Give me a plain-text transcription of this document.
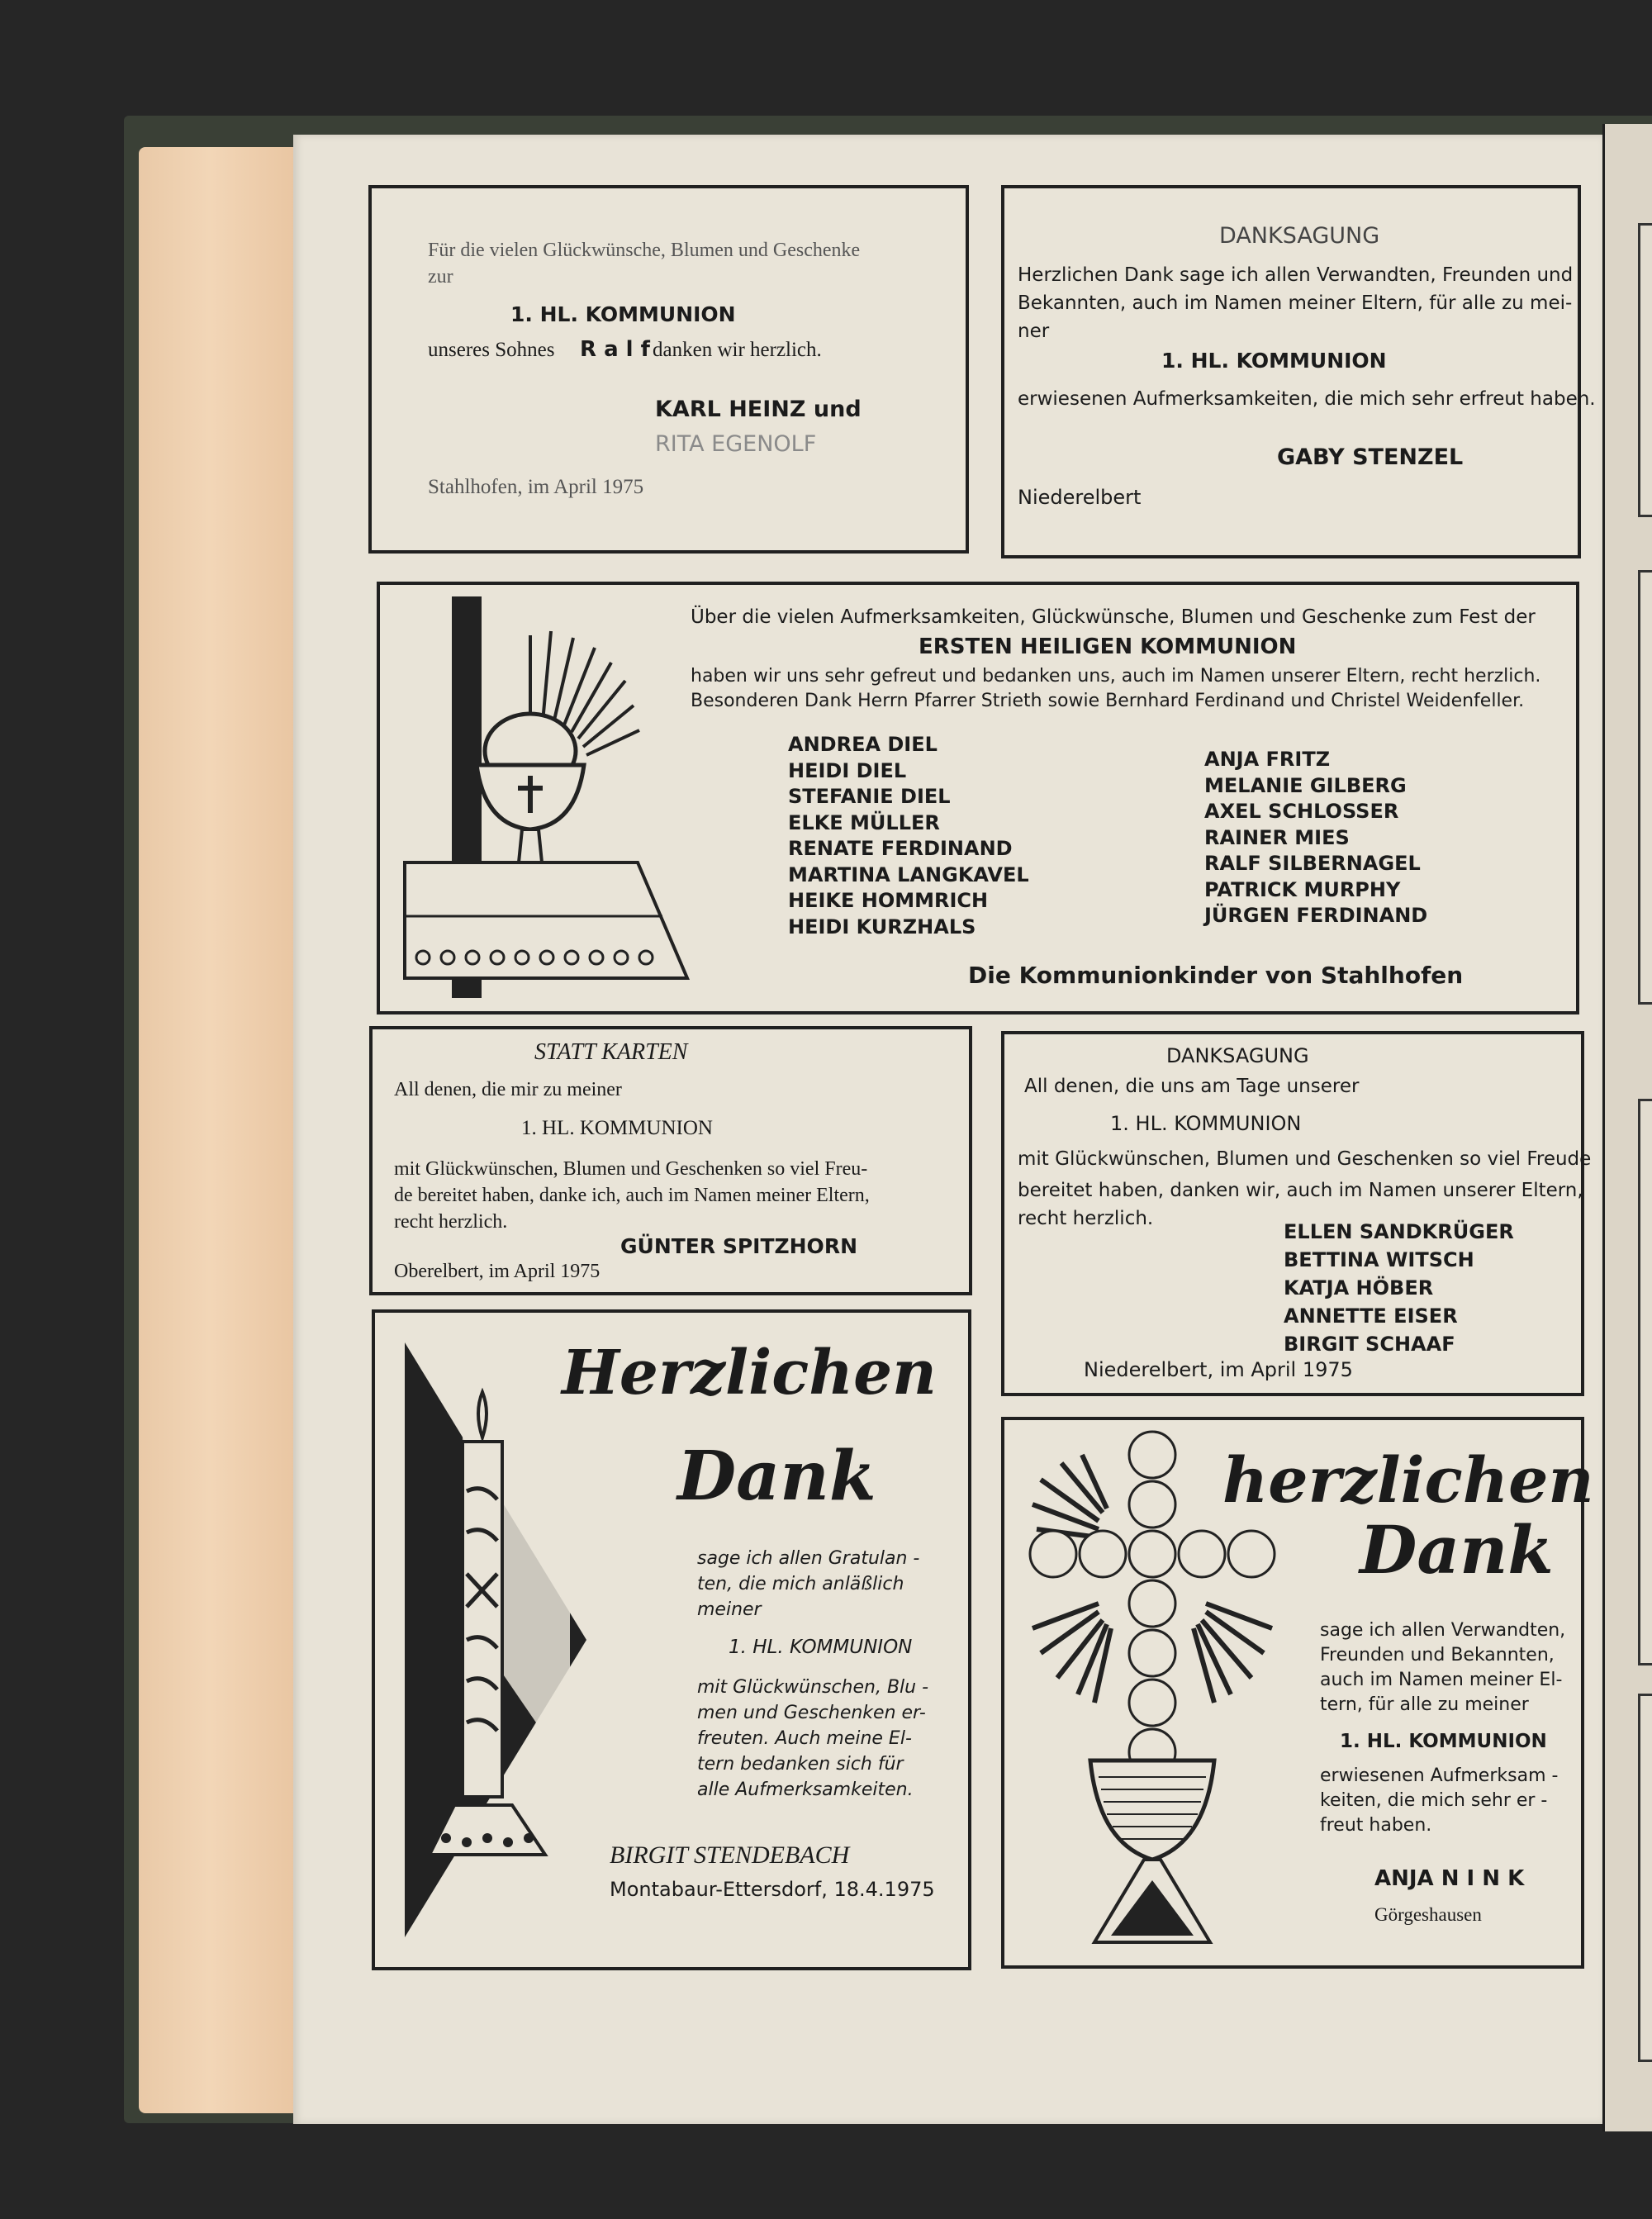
Für die vielen Glückwünsche, Blumen und Geschenke
zur
1. HL. KOMMUNION
unseres Sohnes R a l f danken wir herzlich.
KARL HEINZ und
RITA EGENOLF
Stahlhofen, im April 1975
DANKSAGUNG
Herzlichen Dank sage ich allen Verwandten, Freunden und
Bekannten, auch im Namen meiner Eltern, für alle zu mei-
ner
1. HL. KOMMUNION
erwiesenen Aufmerksamkeiten, die mich sehr erfreut haben.
GABY STENZEL
Niederelbert
Über die vielen Aufmerksamkeiten, Glückwünsche, Blumen und Geschenke zum Fest der
ERSTEN HEILIGEN KOMMUNION
haben wir uns sehr gefreut und bedanken uns, auch im Namen unserer Eltern, recht herzlich.
Besonderen Dank Herrn Pfarrer Strieth sowie Bernhard Ferdinand und Christel Weidenfeller.
ANDREA DIEL
HEIDI DIEL
STEFANIE DIEL
ELKE MÜLLER
RENATE FERDINAND
MARTINA LANGKAVEL
HEIKE HOMMRICH
HEIDI KURZHALS
ANJA FRITZ
MELANIE GILBERG
AXEL SCHLOSSER
RAINER MIES
RALF SILBERNAGEL
PATRICK MURPHY
JÜRGEN FERDINAND
Die Kommunionkinder von Stahlhofen
STATT KARTEN
All denen, die mir zu meiner
1. HL. KOMMUNION
mit Glückwünschen, Blumen und Geschenken so viel Freu-
de bereitet haben, danke ich, auch im Namen meiner Eltern,
recht herzlich.
GÜNTER SPITZHORN
Oberelbert, im April 1975
DANKSAGUNG
All denen, die uns am Tage unserer
1. HL. KOMMUNION
mit Glückwünschen, Blumen und Geschenken so viel Freude
bereitet haben, danken wir, auch im Namen unserer Eltern,
recht herzlich.
ELLEN SANDKRÜGER
BETTINA WITSCH
KATJA HÖBER
ANNETTE EISER
BIRGIT SCHAAF
Niederelbert, im April 1975
Herzlichen
Dank
sage ich allen Gratulan -
ten, die mich anläßlich
meiner
1. HL. KOMMUNION
mit Glückwünschen, Blu -
men und Geschenken er-
freuten. Auch meine El-
tern bedanken sich für
alle Aufmerksamkeiten.
BIRGIT STENDEBACH
Montabaur-Ettersdorf, 18.4.1975
herzlichen
Dank
sage ich allen Verwandten,
Freunden und Bekannten,
auch im Namen meiner El-
tern, für alle zu meiner
1. HL. KOMMUNION
erwiesenen Aufmerksam -
keiten, die mich sehr er -
freut haben.
ANJA N I N K
Görgeshausen
